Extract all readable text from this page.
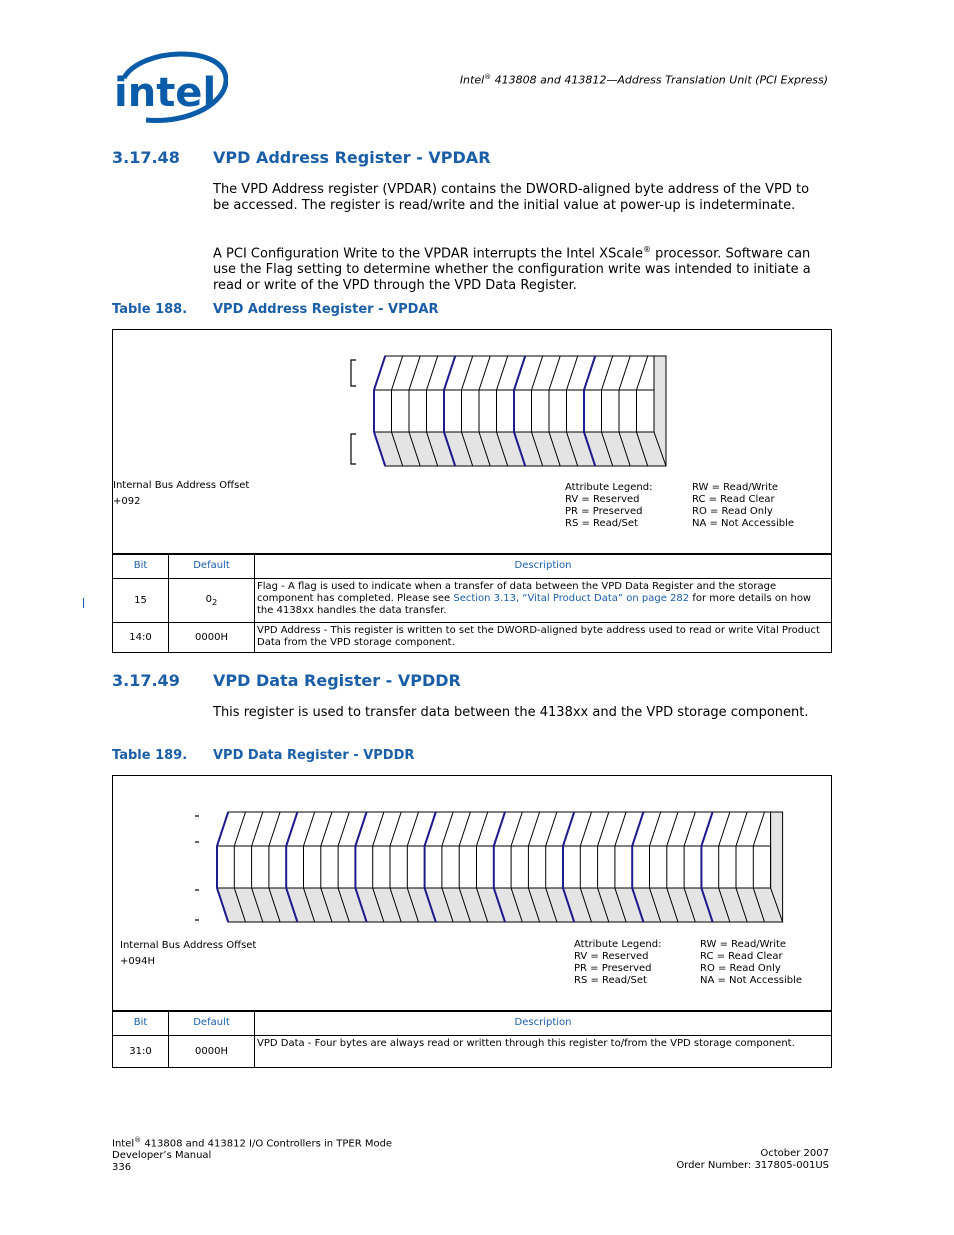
intel	Intel® 413808 and 413812—Address Translation Unit (PCI Express)
3.17.48 VPD Address Register - VPDAR
The VPD Address register (VPDAR) contains the DWORD-aligned byte address of the VPD to be accessed. The register is read/write and the initial value at power-up is indeterminate.
A PCI Configuration Write to the VPDAR interrupts the Intel XScale® processor. Software can use the Flag setting to determine whether the configuration write was intended to initiate a read or write of the VPD through the VPD Data Register.
Table 188. VPD Address Register - VPDAR
Internal Bus Address Offset
+092
Attribute Legend:
RV = Reserved
PR = Preserved
RS = Read/Set
RW = Read/Write
RC = Read Clear
RO = Read Only
NA = Not Accessible
Bit	Default	Description
15	$0_2$	Flag - A flag is used to indicate when a transfer of data between the VPD Data Register and the storage component has completed. Please see Section 3.13, “Vital Product Data” on page 282 for more details on how the 4138xx handles the data transfer.
14:0	0000H	VPD Address - This register is written to set the DWORD-aligned byte address used to read or write Vital Product Data from the VPD storage component.
3.17.49 VPD Data Register - VPDDR
This register is used to transfer data between the 4138xx and the VPD storage component.
Table 189. VPD Data Register - VPDDR
Internal Bus Address Offset
+094H
Attribute Legend:
RV = Reserved
PR = Preserved
RS = Read/Set
RW = Read/Write
RC = Read Clear
RO = Read Only
NA = Not Accessible
Bit	Default	Description
31:0	0000H	VPD Data - Four bytes are always read or written through this register to/from the VPD storage component.
Intel® 413808 and 413812 I/O Controllers in TPER Mode
Developer’s Manual
336
October 2007
Order Number: 317805-001US
